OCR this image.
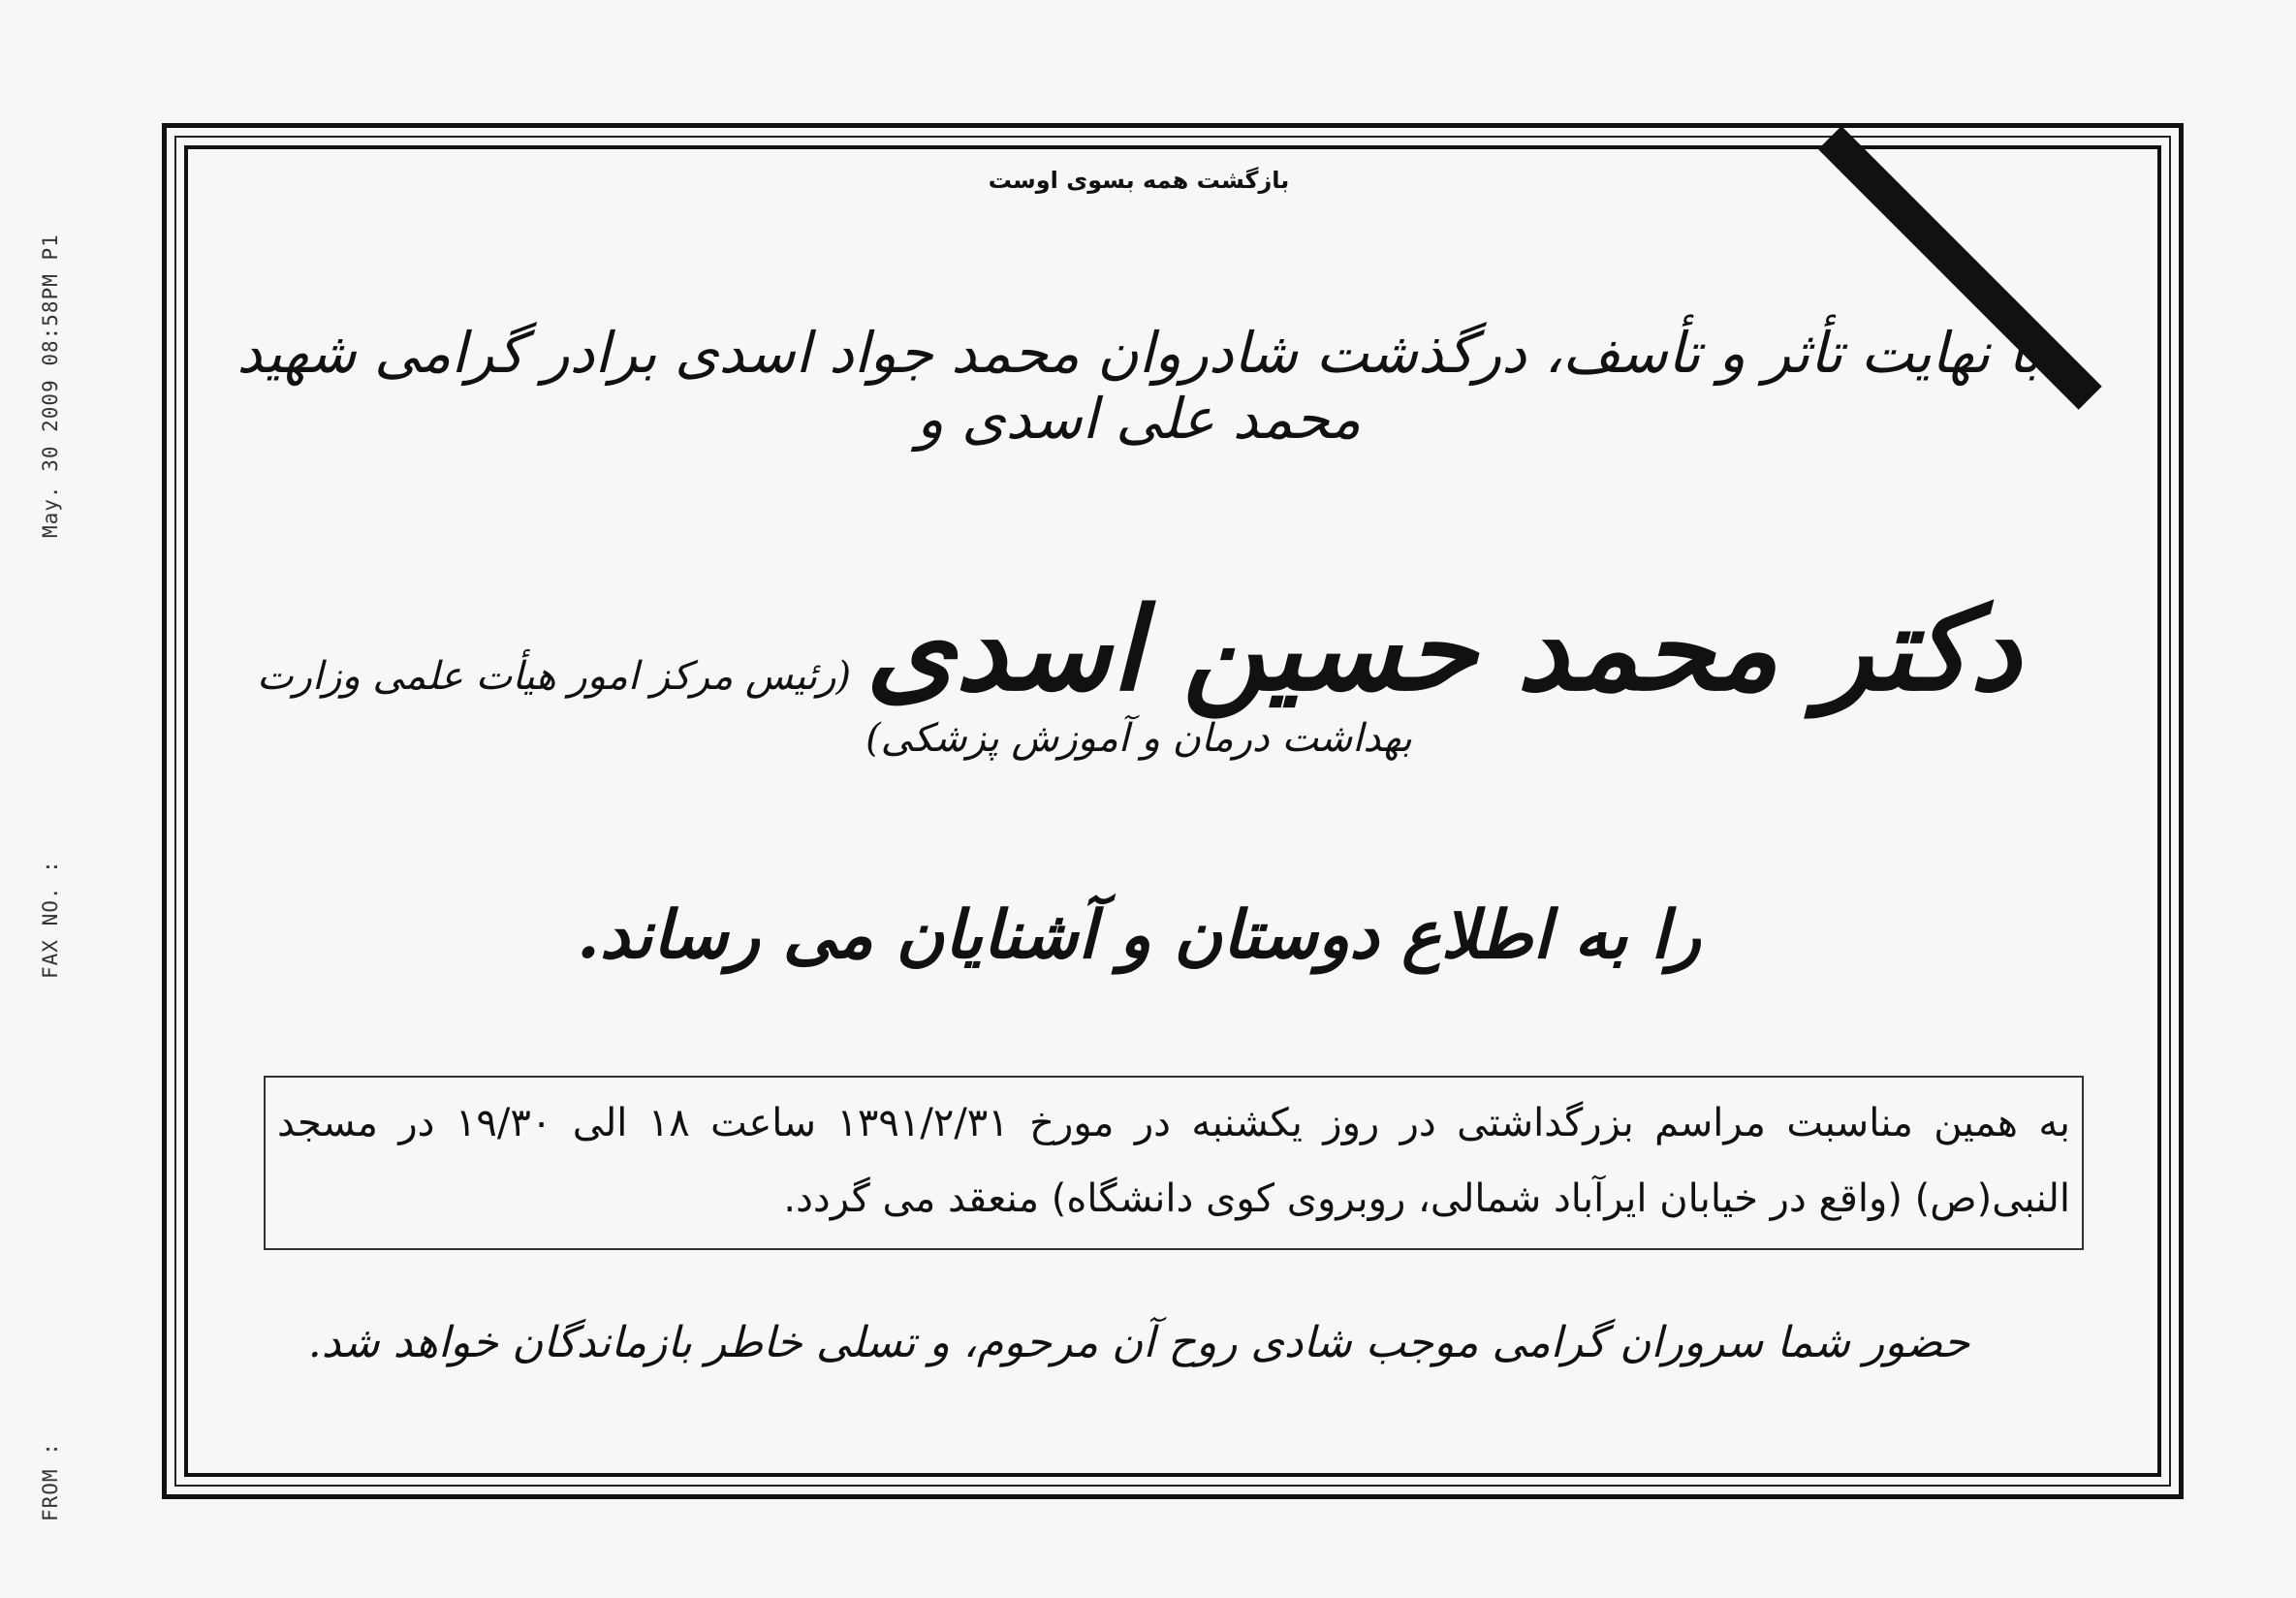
May. 30 2009 08:58PM P1
FAX NO. :
FROM :
بازگشت همه بسوی اوست
با نهایت تأثر و تأسف، درگذشت شادروان محمد جواد اسدی برادر گرامی شهید محمد علی اسدی و
دکتر محمد حسین اسدی (رئیس مرکز امور هیأت علمی وزارت بهداشت درمان و آموزش پزشکی)
را به اطلاع دوستان و آشنایان می رساند.
به همین مناسبت مراسم بزرگداشتی در روز یکشنبه در مورخ ۱۳۹۱/۲/۳۱ ساعت ۱۸ الی ۱۹/۳۰ در مسجد النبی(ص) (واقع در خیابان ایرآباد شمالی، روبروی کوی دانشگاه) منعقد می گردد.
حضور شما سروران گرامی موجب شادی روح آن مرحوم، و تسلی خاطر بازماندگان خواهد شد.
